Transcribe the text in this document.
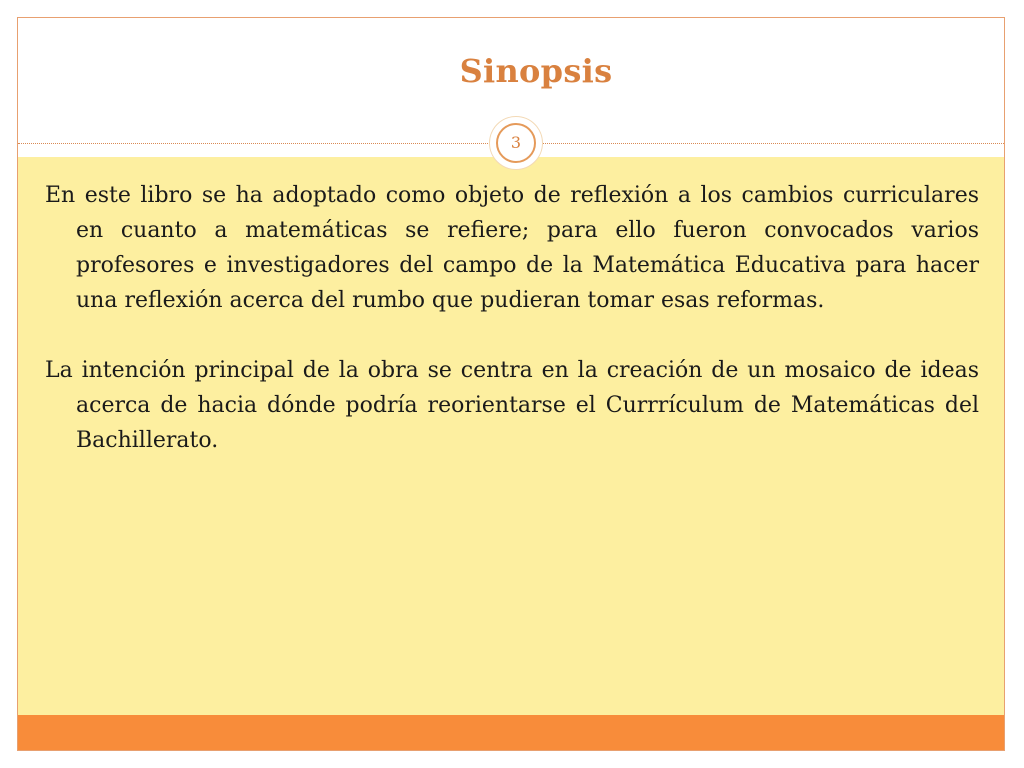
Sinopsis
3

En este libro se ha adoptado como objeto de reflexión a los cambios curriculares en cuanto a matemáticas se refiere; para ello fueron convocados varios profesores e investigadores del campo de la Matemática Educativa para hacer una reflexión acerca del rumbo que pudieran tomar esas reformas.

La intención principal de la obra se centra en la creación de un mosaico de ideas acerca de hacia dónde podría reorientarse el Currrículum de Matemáticas del Bachillerato.
